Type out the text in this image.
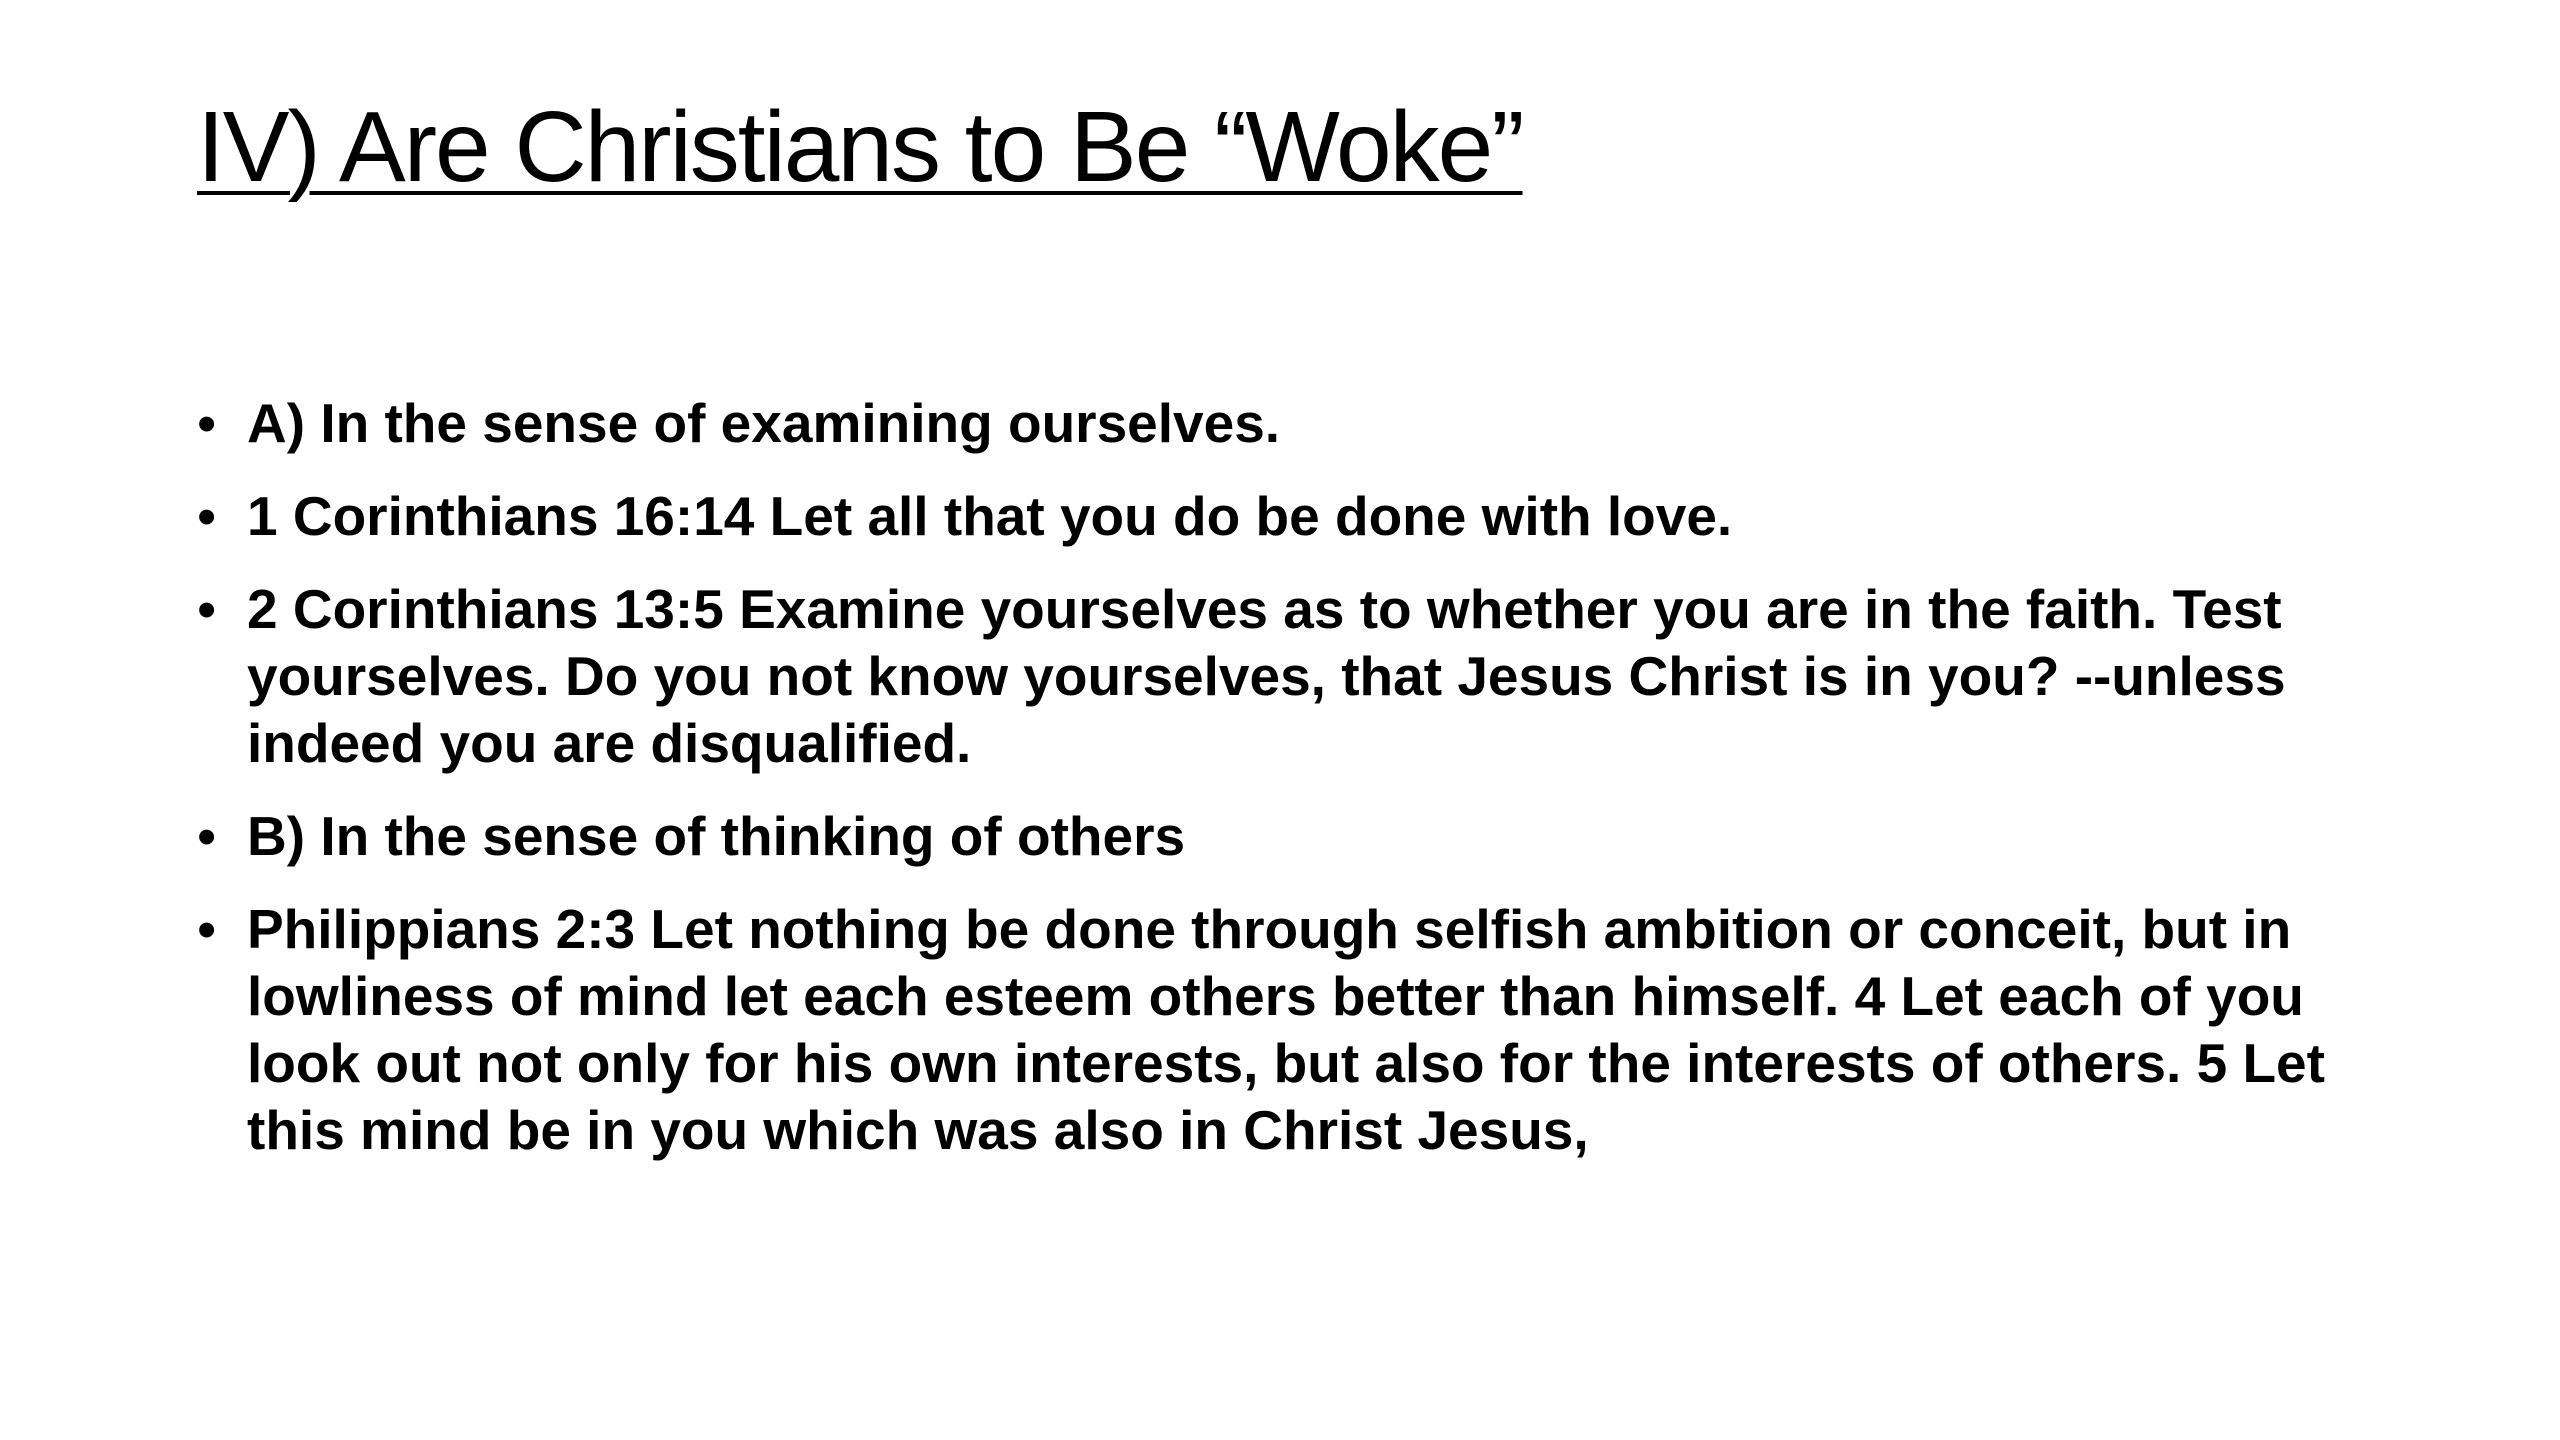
IV) Are Christians to Be “Woke”
• A) In the sense of examining ourselves.
• 1 Corinthians 16:14 Let all that you do be done with love.
• 2 Corinthians 13:5 Examine yourselves as to whether you are in the faith. Test yourselves. Do you not know yourselves, that Jesus Christ is in you? --unless indeed you are disqualified.
• B) In the sense of thinking of others
• Philippians 2:3 Let nothing be done through selfish ambition or conceit, but in lowliness of mind let each esteem others better than himself. 4 Let each of you look out not only for his own interests, but also for the interests of others. 5 Let this mind be in you which was also in Christ Jesus,
